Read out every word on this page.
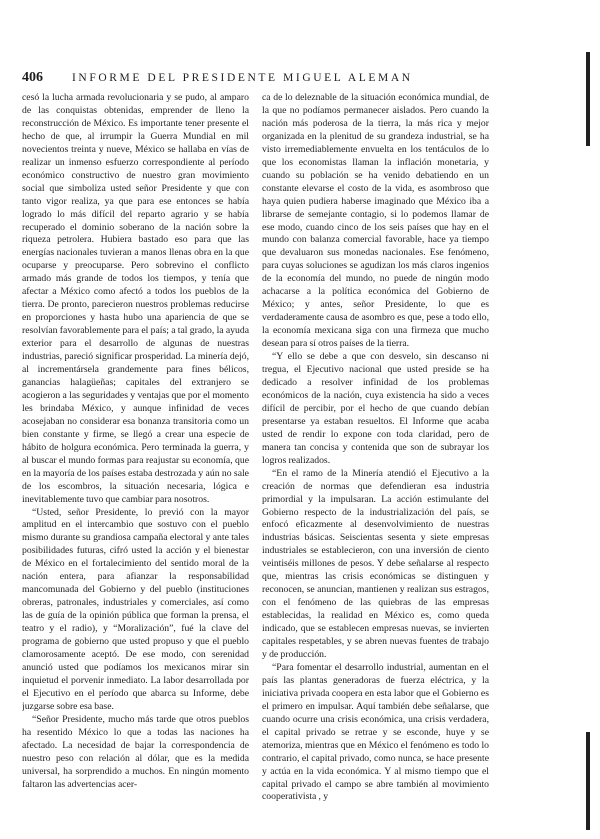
406	INFORME DEL PRESIDENTE MIGUEL ALEMAN

cesó la lucha armada revolucionaria y se pudo, al amparo de las conquistas obtenidas, emprender de lleno la reconstrucción de México. Es importante tener presente el hecho de que, al irrumpir la Guerra Mundial en mil novecientos treinta y nueve, México se hallaba en vías de realizar un inmenso esfuerzo correspondiente al período económico constructivo de nuestro gran movimiento social que simboliza usted señor Presidente y que con tanto vigor realiza, ya que para ese entonces se había logrado lo más difícil del reparto agrario y se había recuperado el dominio soberano de la nación sobre la riqueza petrolera. Hubiera bastado eso para que las energías nacionales tuvieran a manos llenas obra en la que ocuparse y preocuparse. Pero sobrevino el conflicto armado más grande de todos los tiempos, y tenía que afectar a México como afectó a todos los pueblos de la tierra. De pronto, parecieron nuestros problemas reducirse en proporciones y hasta hubo una apariencia de que se resolvían favorablemente para el país; a tal grado, la ayuda exterior para el desarrollo de algunas de nuestras industrias, pareció significar prosperidad. La minería dejó, al incrementársela grandemente para fines bélicos, ganancias halagüeñas; capitales del extranjero se acogieron a las seguridades y ventajas que por el momento les brindaba México, y aunque infinidad de veces acosejaban no considerar esa bonanza transitoria como un bien constante y firme, se llegó a crear una especie de hábito de holgura económica. Pero terminada la guerra, y al buscar el mundo formas para reajustar su economía, que en la mayoría de los países estaba destrozada y aún no sale de los escombros, la situación necesaria, lógica e inevitablemente tuvo que cambiar para nosotros.

“Usted, señor Presidente, lo previó con la mayor amplitud en el intercambio que sostuvo con el pueblo mismo durante su grandiosa campaña electoral y ante tales posibilidades futuras, cifró usted la acción y el bienestar de México en el fortalecimiento del sentido moral de la nación entera, para afianzar la responsabilidad mancomunada del Gobierno y del pueblo (instituciones obreras, patronales, industriales y comerciales, así como las de guía de la opinión pública que forman la prensa, el teatro y el radio), y “Moralización”, fué la clave del programa de gobierno que usted propuso y que el pueblo clamorosamente aceptó. De ese modo, con serenidad anunció usted que podíamos los mexicanos mirar sin inquietud el porvenir inmediato. La labor desarrollada por el Ejecutivo en el período que abarca su Informe, debe juzgarse sobre esa base.

“Señor Presidente, mucho más tarde que otros pueblos ha resentido México lo que a todas las naciones ha afectado. La necesidad de bajar la correspondencia de nuestro peso con relación al dólar, que es la medida universal, ha sorprendido a muchos. En ningún momento faltaron las advertencias acer-

ca de lo deleznable de la situación económica mundial, de la que no podíamos permanecer aislados. Pero cuando la nación más poderosa de la tierra, la más rica y mejor organizada en la plenitud de su grandeza industrial, se ha visto irremediablemente envuelta en los tentáculos de lo que los economistas llaman la inflación monetaria, y cuando su población se ha venido debatiendo en un constante elevarse el costo de la vida, es asombroso que haya quien pudiera haberse imaginado que México iba a librarse de semejante contagio, si lo podemos llamar de ese modo, cuando cinco de los seis países que hay en el mundo con balanza comercial favorable, hace ya tiempo que devaluaron sus monedas nacionales. Ese fenómeno, para cuyas soluciones se agudizan los más claros ingenios de la economía del mundo, no puede de ningún modo achacarse a la política económica del Gobierno de México; y antes, señor Presidente, lo que es verdaderamente causa de asombro es que, pese a todo ello, la economía mexicana siga con una firmeza que mucho desean para sí otros países de la tierra.

“Y ello se debe a que con desvelo, sin descanso ni tregua, el Ejecutivo nacional que usted preside se ha dedicado a resolver infinidad de los problemas económicos de la nación, cuya existencia ha sido a veces difícil de percibir, por el hecho de que cuando debían presentarse ya estaban resueltos. El Informe que acaba usted de rendir lo expone con toda claridad, pero de manera tan concisa y contenida que son de subrayar los logros realizados.

“En el ramo de la Minería atendió el Ejecutivo a la creación de normas que defendieran esa industria primordial y la impulsaran. La acción estimulante del Gobierno respecto de la industrialización del país, se enfocó eficazmente al desenvolvimiento de nuestras industrias básicas. Seiscientas sesenta y siete empresas industriales se establecieron, con una inversión de ciento veintiséis millones de pesos. Y debe señalarse al respecto que, mientras las crisis económicas se distinguen y reconocen, se anuncian, mantienen y realizan sus estragos, con el fenómeno de las quiebras de las empresas establecidas, la realidad en México es, como queda indicado, que se establecen empresas nuevas, se invierten capitales respetables, y se abren nuevas fuentes de trabajo y de producción.

“Para fomentar el desarrollo industrial, aumentan en el país las plantas generadoras de fuerza eléctrica, y la iniciativa privada coopera en esta labor que el Gobierno es el primero en impulsar. Aquí también debe señalarse, que cuando ocurre una crisis económica, una crisis verdadera, el capital privado se retrae y se esconde, huye y se atemoriza, mientras que en México el fenómeno es todo lo contrario, el capital privado, como nunca, se hace presente y actúa en la vida económica. Y al mismo tiempo que el capital privado el campo se abre también al movimiento cooperativista , y
